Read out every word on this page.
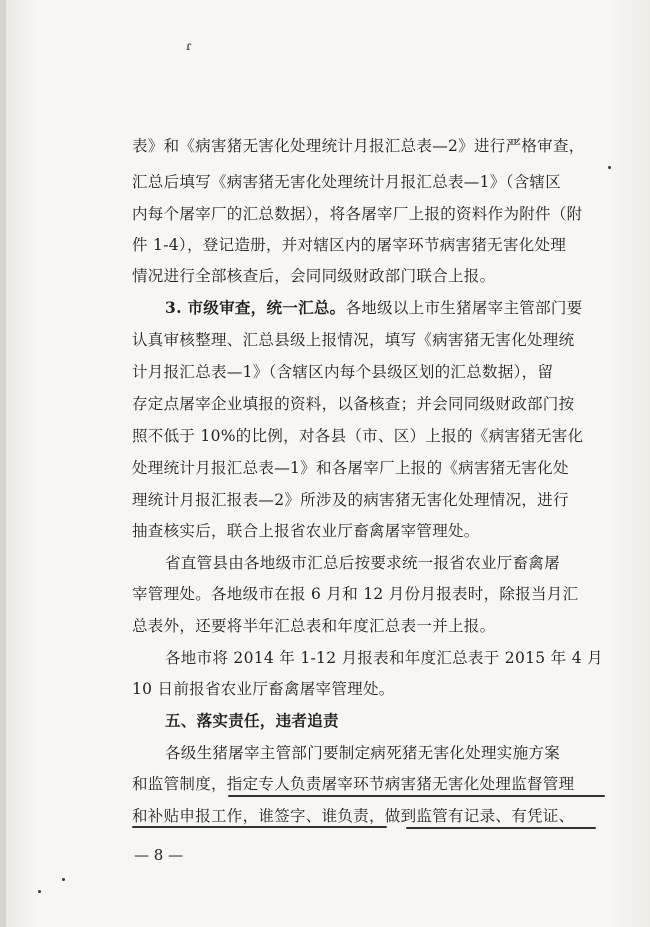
ɾ
表》和《病害猪无害化处理统计月报汇总表—2》进行严格审查，
汇总后填写《病害猪无害化处理统计月报汇总表—1》（含辖区
内每个屠宰厂的汇总数据），将各屠宰厂上报的资料作为附件（附
件 1-4），登记造册，并对辖区内的屠宰环节病害猪无害化处理
情况进行全部核查后，会同同级财政部门联合上报。
3. 市级审查，统一汇总。各地级以上市生猪屠宰主管部门要
认真审核整理、汇总县级上报情况，填写《病害猪无害化处理统
计月报汇总表—1》（含辖区内每个县级区划的汇总数据），留
存定点屠宰企业填报的资料，以备核查；并会同同级财政部门按
照不低于 10%的比例，对各县（市、区）上报的《病害猪无害化
处理统计月报汇总表—1》和各屠宰厂上报的《病害猪无害化处
理统计月报汇报表—2》所涉及的病害猪无害化处理情况，进行
抽查核实后，联合上报省农业厅畜禽屠宰管理处。
省直管县由各地级市汇总后按要求统一报省农业厅畜禽屠
宰管理处。各地级市在报 6 月和 12 月份月报表时，除报当月汇
总表外，还要将半年汇总表和年度汇总表一并上报。
各地市将 2014 年 1-12 月报表和年度汇总表于 2015 年 4 月
10 日前报省农业厅畜禽屠宰管理处。
五、落实责任，违者追责
各级生猪屠宰主管部门要制定病死猪无害化处理实施方案
和监管制度，指定专人负责屠宰环节病害猪无害化处理监督管理
和补贴申报工作，谁签字、谁负责，做到监管有记录、有凭证、
— 8 —
